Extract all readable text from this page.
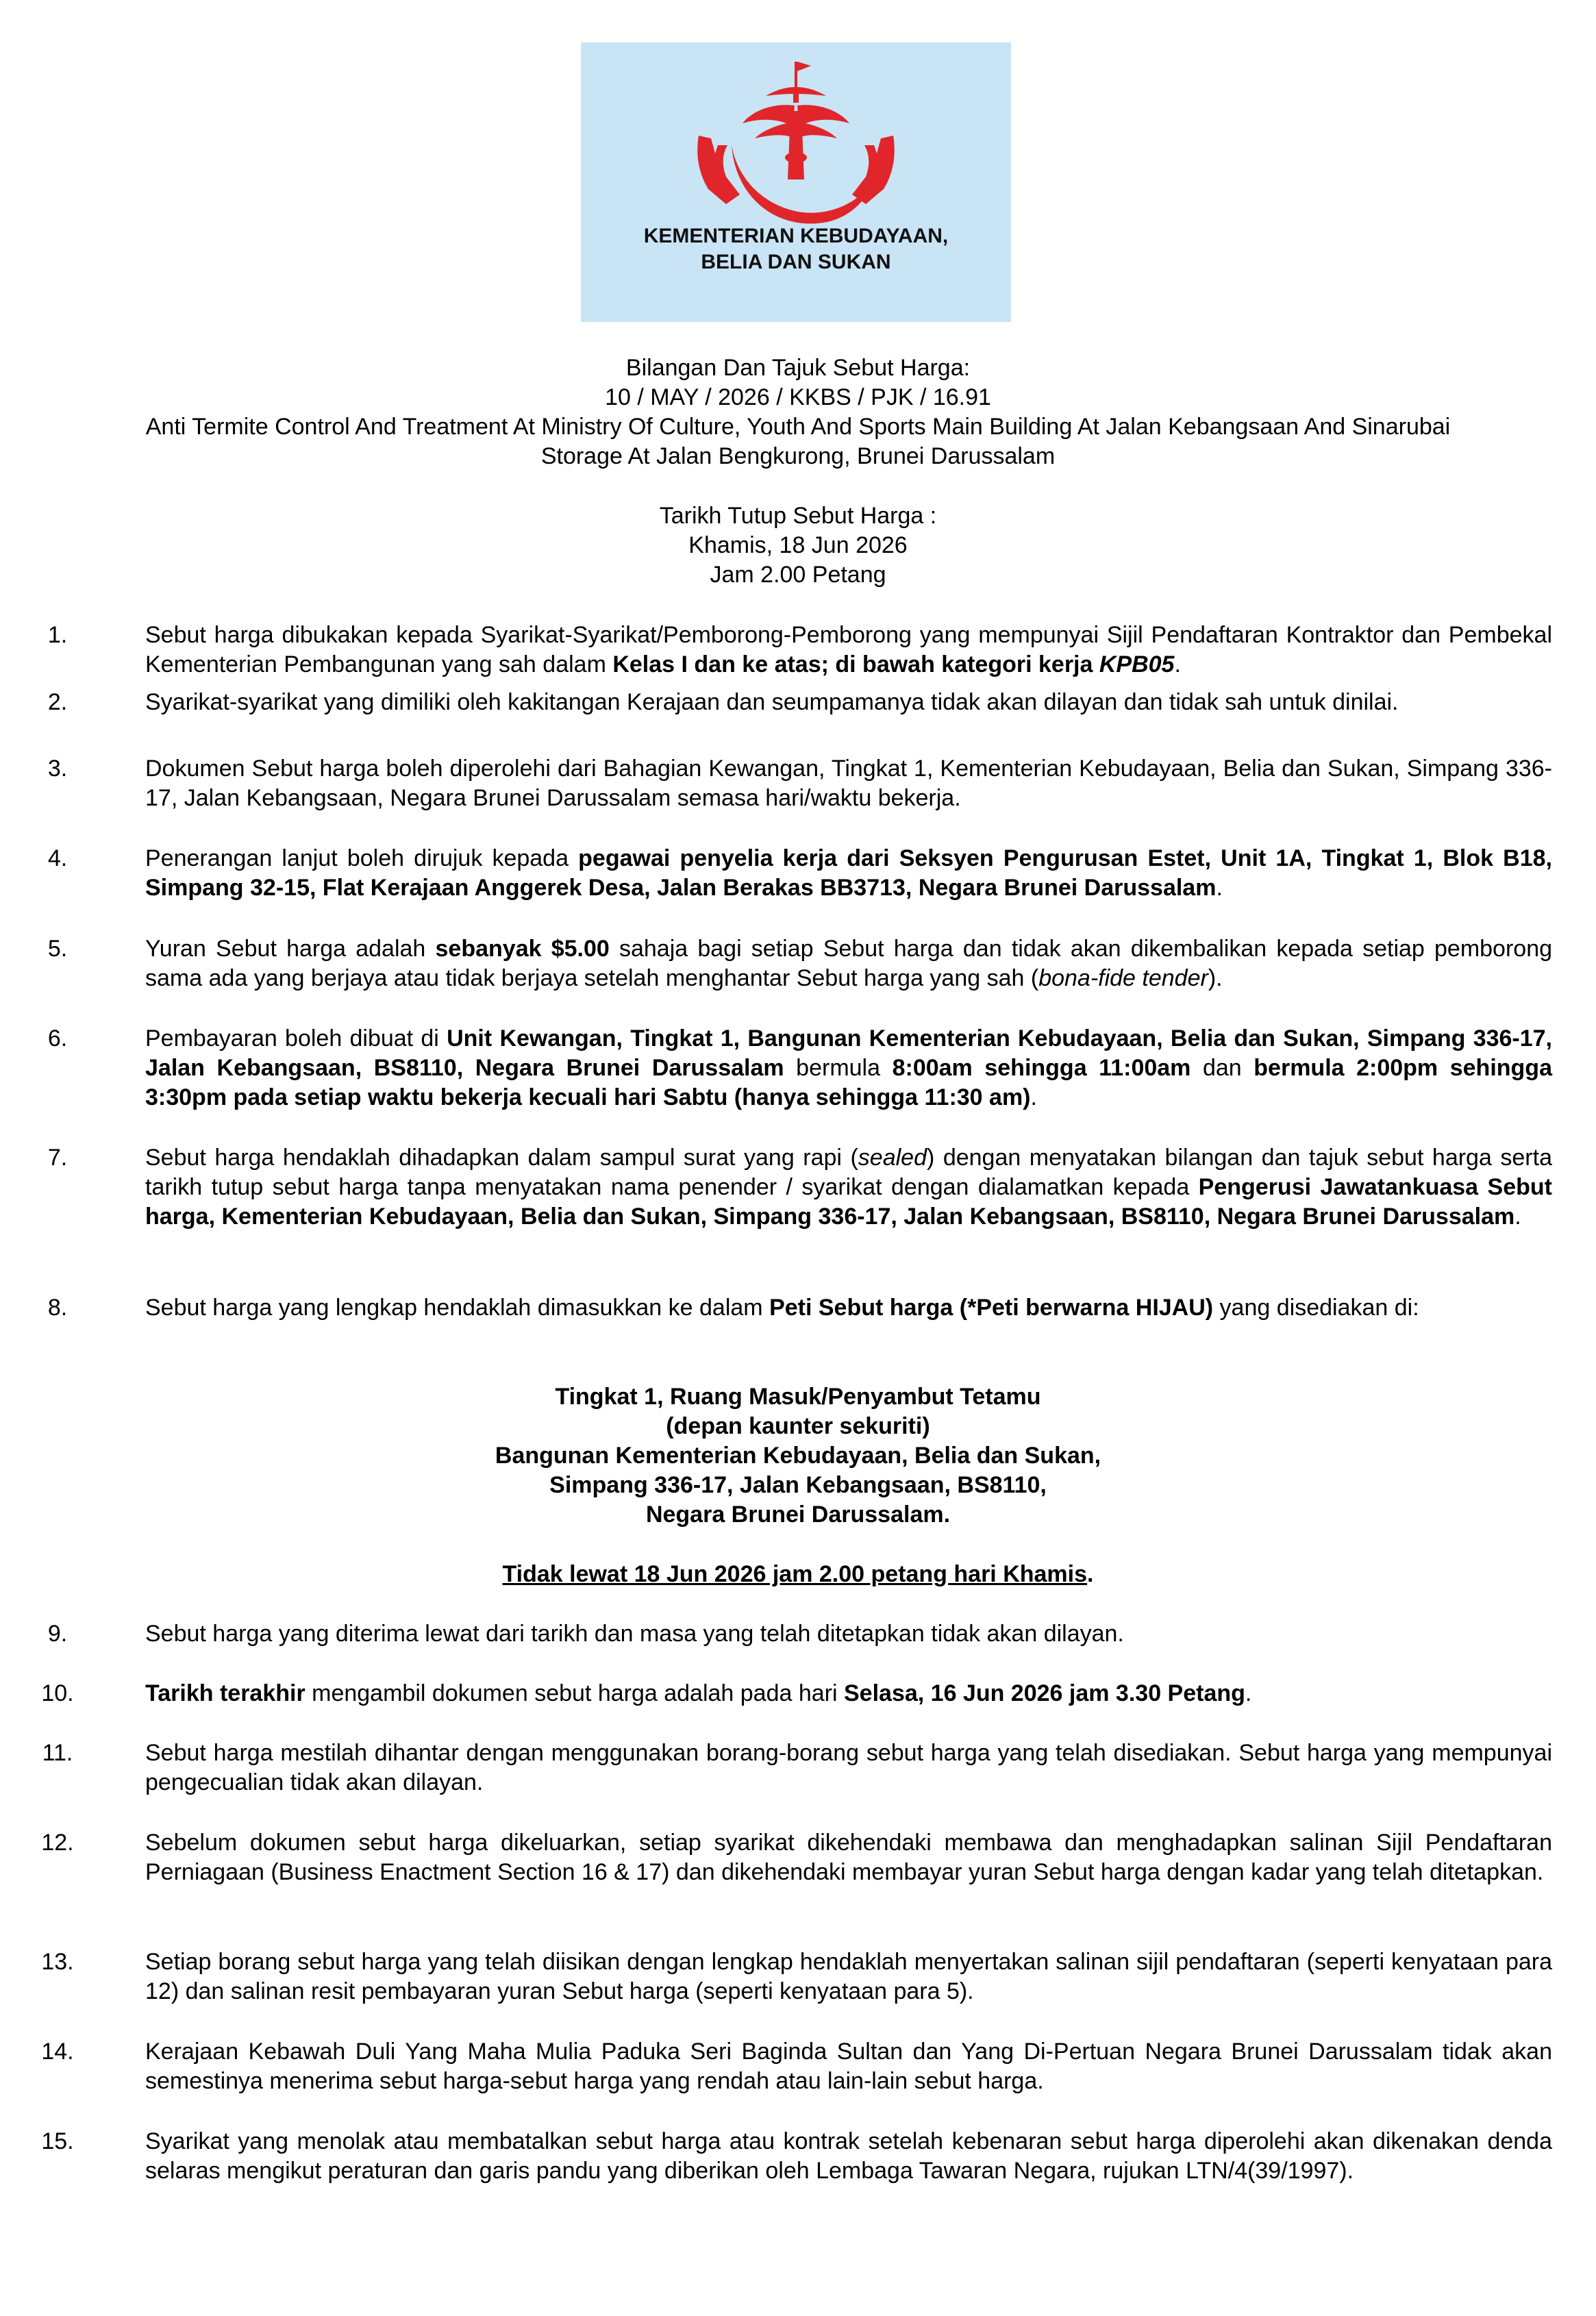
KEMENTERIAN KEBUDAYAAN,
BELIA DAN SUKAN
Bilangan Dan Tajuk Sebut Harga:
10 / MAY / 2026 / KKBS / PJK / 16.91
Anti Termite Control And Treatment At Ministry Of Culture, Youth And Sports Main Building At Jalan Kebangsaan And Sinarubai
Storage At Jalan Bengkurong, Brunei Darussalam
Tarikh Tutup Sebut Harga :
Khamis, 18 Jun 2026
Jam 2.00 Petang
1.	Sebut harga dibukakan kepada Syarikat-Syarikat/Pemborong-Pemborong yang mempunyai Sijil Pendaftaran Kontraktor dan Pembekal Kementerian Pembangunan yang sah dalam Kelas I dan ke atas; di bawah kategori kerja KPB05.
2.	Syarikat-syarikat yang dimiliki oleh kakitangan Kerajaan dan seumpamanya tidak akan dilayan dan tidak sah untuk dinilai.
3.	Dokumen Sebut harga boleh diperolehi dari Bahagian Kewangan, Tingkat 1, Kementerian Kebudayaan, Belia dan Sukan, Simpang 336-17, Jalan Kebangsaan, Negara Brunei Darussalam semasa hari/waktu bekerja.
4.	Penerangan lanjut boleh dirujuk kepada pegawai penyelia kerja dari Seksyen Pengurusan Estet, Unit 1A, Tingkat 1, Blok B18, Simpang 32-15, Flat Kerajaan Anggerek Desa, Jalan Berakas BB3713, Negara Brunei Darussalam.
5.	Yuran Sebut harga adalah sebanyak $5.00 sahaja bagi setiap Sebut harga dan tidak akan dikembalikan kepada setiap pemborong sama ada yang berjaya atau tidak berjaya setelah menghantar Sebut harga yang sah (bona-fide tender).
6.	Pembayaran boleh dibuat di Unit Kewangan, Tingkat 1, Bangunan Kementerian Kebudayaan, Belia dan Sukan, Simpang 336-17, Jalan Kebangsaan, BS8110, Negara Brunei Darussalam bermula 8:00am sehingga 11:00am dan bermula 2:00pm sehingga 3:30pm pada setiap waktu bekerja kecuali hari Sabtu (hanya sehingga 11:30 am).
7.	Sebut harga hendaklah dihadapkan dalam sampul surat yang rapi (sealed) dengan menyatakan bilangan dan tajuk sebut harga serta tarikh tutup sebut harga tanpa menyatakan nama penender / syarikat dengan dialamatkan kepada Pengerusi Jawatankuasa Sebut harga, Kementerian Kebudayaan, Belia dan Sukan, Simpang 336-17, Jalan Kebangsaan, BS8110, Negara Brunei Darussalam.
8.	Sebut harga yang lengkap hendaklah dimasukkan ke dalam Peti Sebut harga (*Peti berwarna HIJAU) yang disediakan di:
Tingkat 1, Ruang Masuk/Penyambut Tetamu
(depan kaunter sekuriti)
Bangunan Kementerian Kebudayaan, Belia dan Sukan,
Simpang 336-17, Jalan Kebangsaan, BS8110,
Negara Brunei Darussalam.
Tidak lewat 18 Jun 2026 jam 2.00 petang hari Khamis.
9.	Sebut harga yang diterima lewat dari tarikh dan masa yang telah ditetapkan tidak akan dilayan.
10.	Tarikh terakhir mengambil dokumen sebut harga adalah pada hari Selasa, 16 Jun 2026 jam 3.30 Petang.
11.	Sebut harga mestilah dihantar dengan menggunakan borang-borang sebut harga yang telah disediakan. Sebut harga yang mempunyai pengecualian tidak akan dilayan.
12.	Sebelum dokumen sebut harga dikeluarkan, setiap syarikat dikehendaki membawa dan menghadapkan salinan Sijil Pendaftaran Perniagaan (Business Enactment Section 16 & 17) dan dikehendaki membayar yuran Sebut harga dengan kadar yang telah ditetapkan.
13.	Setiap borang sebut harga yang telah diisikan dengan lengkap hendaklah menyertakan salinan sijil pendaftaran (seperti kenyataan para 12) dan salinan resit pembayaran yuran Sebut harga (seperti kenyataan para 5).
14.	Kerajaan Kebawah Duli Yang Maha Mulia Paduka Seri Baginda Sultan dan Yang Di-Pertuan Negara Brunei Darussalam tidak akan semestinya menerima sebut harga-sebut harga yang rendah atau lain-lain sebut harga.
15.	Syarikat yang menolak atau membatalkan sebut harga atau kontrak setelah kebenaran sebut harga diperolehi akan dikenakan denda selaras mengikut peraturan dan garis pandu yang diberikan oleh Lembaga Tawaran Negara, rujukan LTN/4(39/1997).
